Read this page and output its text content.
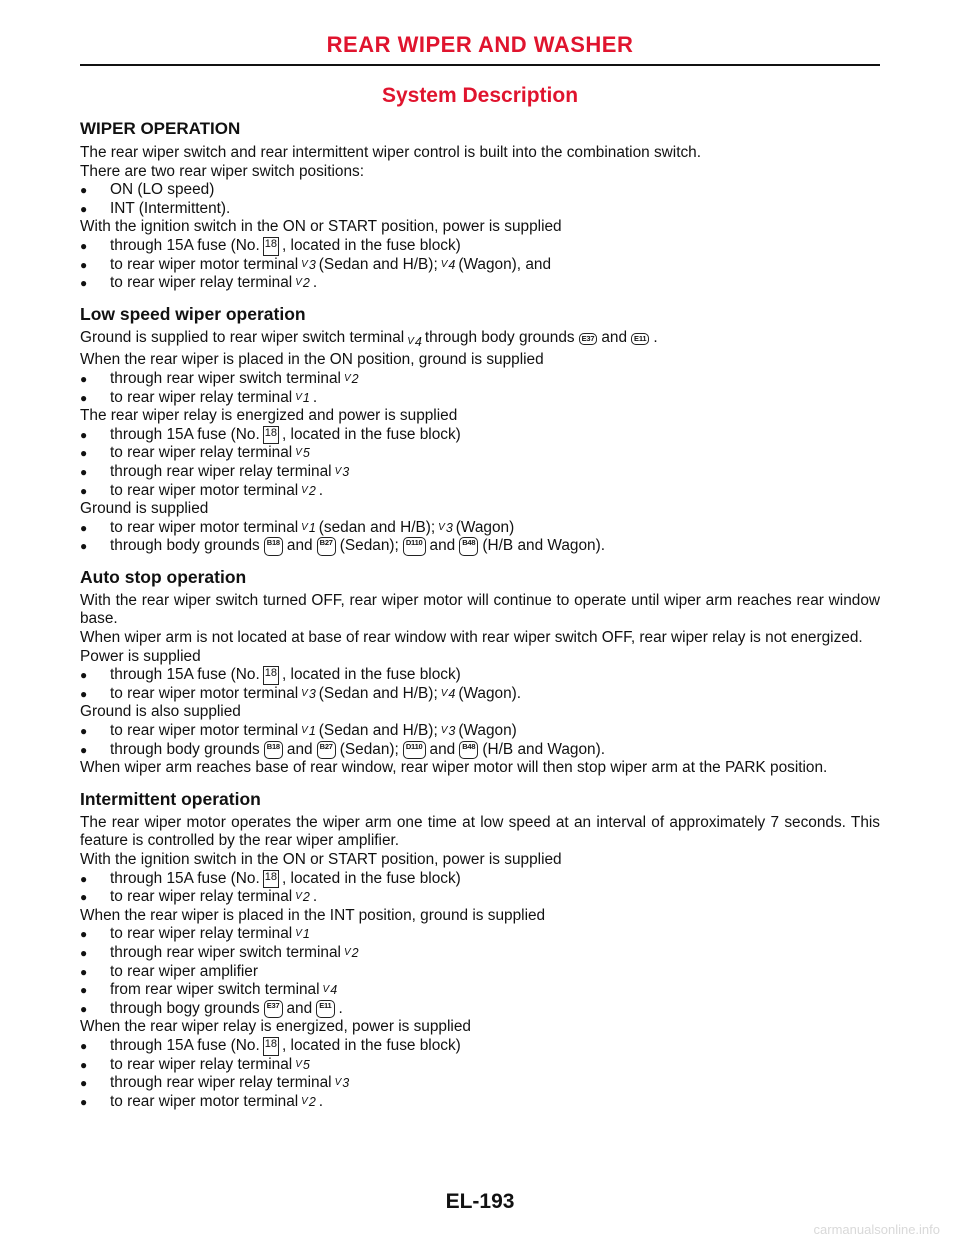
REAR WIPER AND WASHER
System Description
WIPER OPERATION
The rear wiper switch and rear intermittent wiper control is built into the combination switch.
There are two rear wiper switch positions:
●	ON (LO speed)
●	INT (Intermittent).
With the ignition switch in the ON or START position, power is supplied
●	through 15A fuse (No. 18 , located in the fuse block)
●	to rear wiper motor terminal V 3 (Sedan and H/B); V 4 (Wagon), and
●	to rear wiper relay terminal V 2 .
Low speed wiper operation
Ground is supplied to rear wiper switch terminal V 4 through body grounds E37 and E11 .
When the rear wiper is placed in the ON position, ground is supplied
●	through rear wiper switch terminal V 2
●	to rear wiper relay terminal V 1 .
The rear wiper relay is energized and power is supplied
●	through 15A fuse (No. 18 , located in the fuse block)
●	to rear wiper relay terminal V 5
●	through rear wiper relay terminal V 3
●	to rear wiper motor terminal V 2 .
Ground is supplied
●	to rear wiper motor terminal V 1 (sedan and H/B); V 3 (Wagon)
●	through body grounds B18 and B27 (Sedan); D110 and B48 (H/B and Wagon).
Auto stop operation
With the rear wiper switch turned OFF, rear wiper motor will continue to operate until wiper arm reaches rear window base.
When wiper arm is not located at base of rear window with rear wiper switch OFF, rear wiper relay is not energized.
Power is supplied
●	through 15A fuse (No. 18 , located in the fuse block)
●	to rear wiper motor terminal V 3 (Sedan and H/B); V 4 (Wagon).
Ground is also supplied
●	to rear wiper motor terminal V 1 (Sedan and H/B); V 3 (Wagon)
●	through body grounds B18 and B27 (Sedan); D110 and B48 (H/B and Wagon).
When wiper arm reaches base of rear window, rear wiper motor will then stop wiper arm at the PARK position.
Intermittent operation
The rear wiper motor operates the wiper arm one time at low speed at an interval of approximately 7 seconds. This feature is controlled by the rear wiper amplifier.
With the ignition switch in the ON or START position, power is supplied
●	through 15A fuse (No. 18 , located in the fuse block)
●	to rear wiper relay terminal V 2 .
When the rear wiper is placed in the INT position, ground is supplied
●	to rear wiper relay terminal V 1
●	through rear wiper switch terminal V 2
●	to rear wiper amplifier
●	from rear wiper switch terminal V 4
●	through bogy grounds E37 and E11 .
When the rear wiper relay is energized, power is supplied
●	through 15A fuse (No. 18 , located in the fuse block)
●	to rear wiper relay terminal V 5
●	through rear wiper relay terminal V 3
●	to rear wiper motor terminal V 2 .
EL-193
carmanualsonline.info
